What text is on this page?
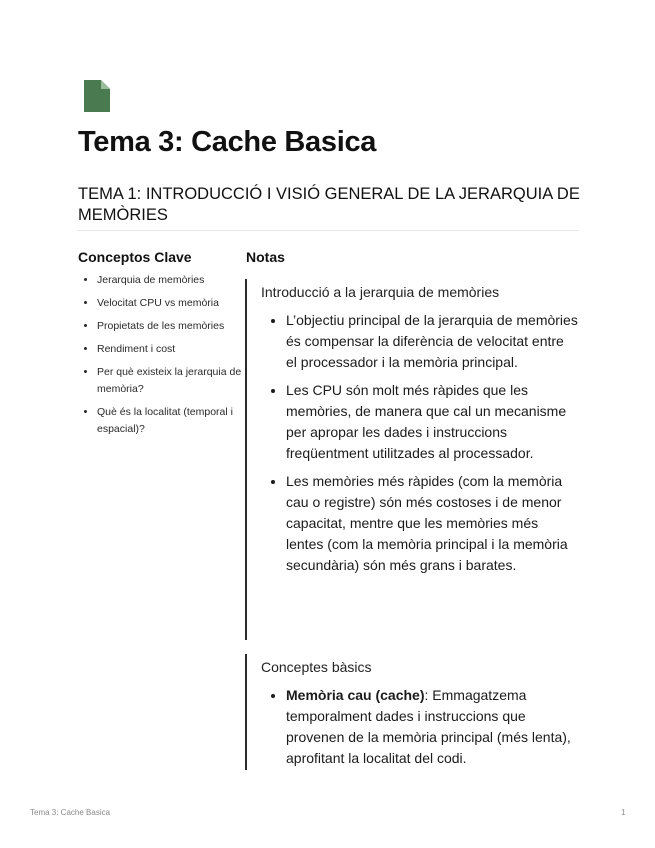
Tema 3: Cache Basica
TEMA 1: INTRODUCCIÓ I VISIÓ GENERAL DE LA JERARQUIA DE MEMÒRIES
Conceptos Clave
• Jerarquia de memòries
• Velocitat CPU vs memòria
• Propietats de les memòries
• Rendiment i cost
• Per què existeix la jerarquia de memòria?
• Què és la localitat (temporal i espacial)?
Notas

Introducció a la jerarquia de memòries

• L’objectiu principal de la jerarquia de memòries és compensar la diferència de velocitat entre el processador i la memòria principal.
• Les CPU són molt més ràpides que les memòries, de manera que cal un mecanisme per apropar les dades i instruccions freqüentment utilitzades al processador.
• Les memòries més ràpides (com la memòria cau o registre) són més costoses i de menor capacitat, mentre que les memòries més lentes (com la memòria principal i la memòria secundària) són més grans i barates.

Conceptes bàsics

• Memòria cau (cache): Emmagatzema temporalment dades i instruccions que provenen de la memòria principal (més lenta), aprofitant la localitat del codi.
Tema 3: Cache Basica	1
